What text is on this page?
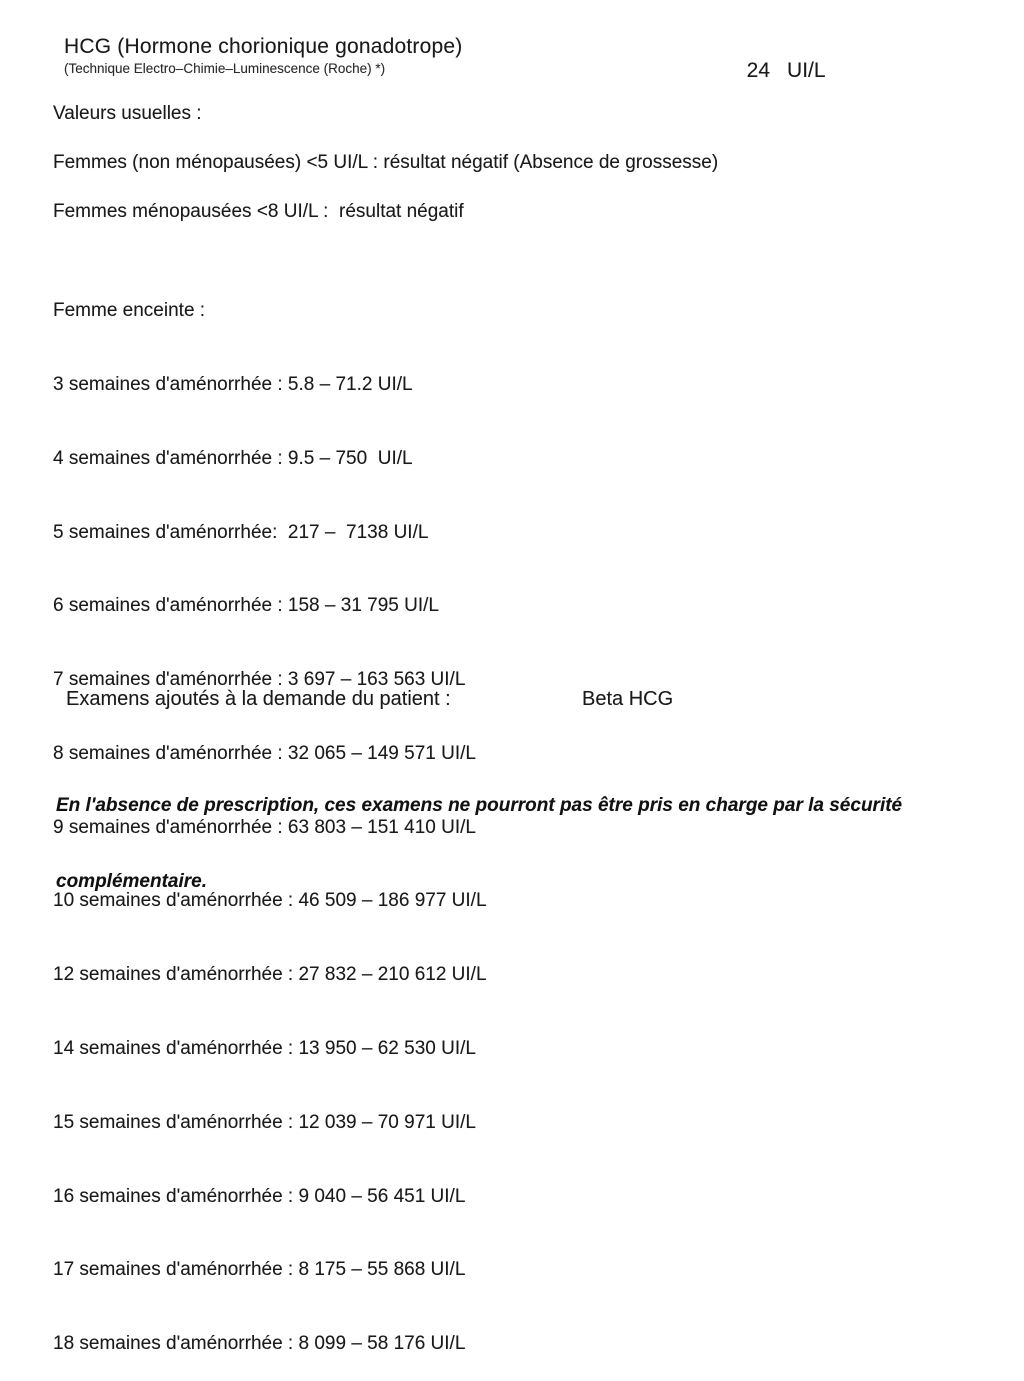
HCG (Hormone chorionique gonadotrope)
(Technique Electro–Chimie–Luminescence (Roche) *)	24 UI/L

Valeurs usuelles :
Femmes (non ménopausées) <5 UI/L : résultat négatif (Absence de grossesse)
Femmes ménopausées <8 UI/L :  résultat négatif

Femme enceinte :

3 semaines d'aménorrhée : 5.8 – 71.2 UI/L

4 semaines d'aménorrhée : 9.5 – 750  UI/L

5 semaines d'aménorrhée:  217 –  7138 UI/L

6 semaines d'aménorrhée : 158 – 31 795 UI/L

7 semaines d'aménorrhée : 3 697 – 163 563 UI/L

8 semaines d'aménorrhée : 32 065 – 149 571 UI/L

9 semaines d'aménorrhée : 63 803 – 151 410 UI/L

10 semaines d'aménorrhée : 46 509 – 186 977 UI/L

12 semaines d'aménorrhée : 27 832 – 210 612 UI/L

14 semaines d'aménorrhée : 13 950 – 62 530 UI/L

15 semaines d'aménorrhée : 12 039 – 70 971 UI/L

16 semaines d'aménorrhée : 9 040 – 56 451 UI/L

17 semaines d'aménorrhée : 8 175 – 55 868 UI/L

18 semaines d'aménorrhée : 8 099 – 58 176 UI/L

Examens ajoutés à la demande du patient :	Beta HCG

En l'absence de prescription, ces examens ne pourront pas être pris en charge par la sécurité

complémentaire.
